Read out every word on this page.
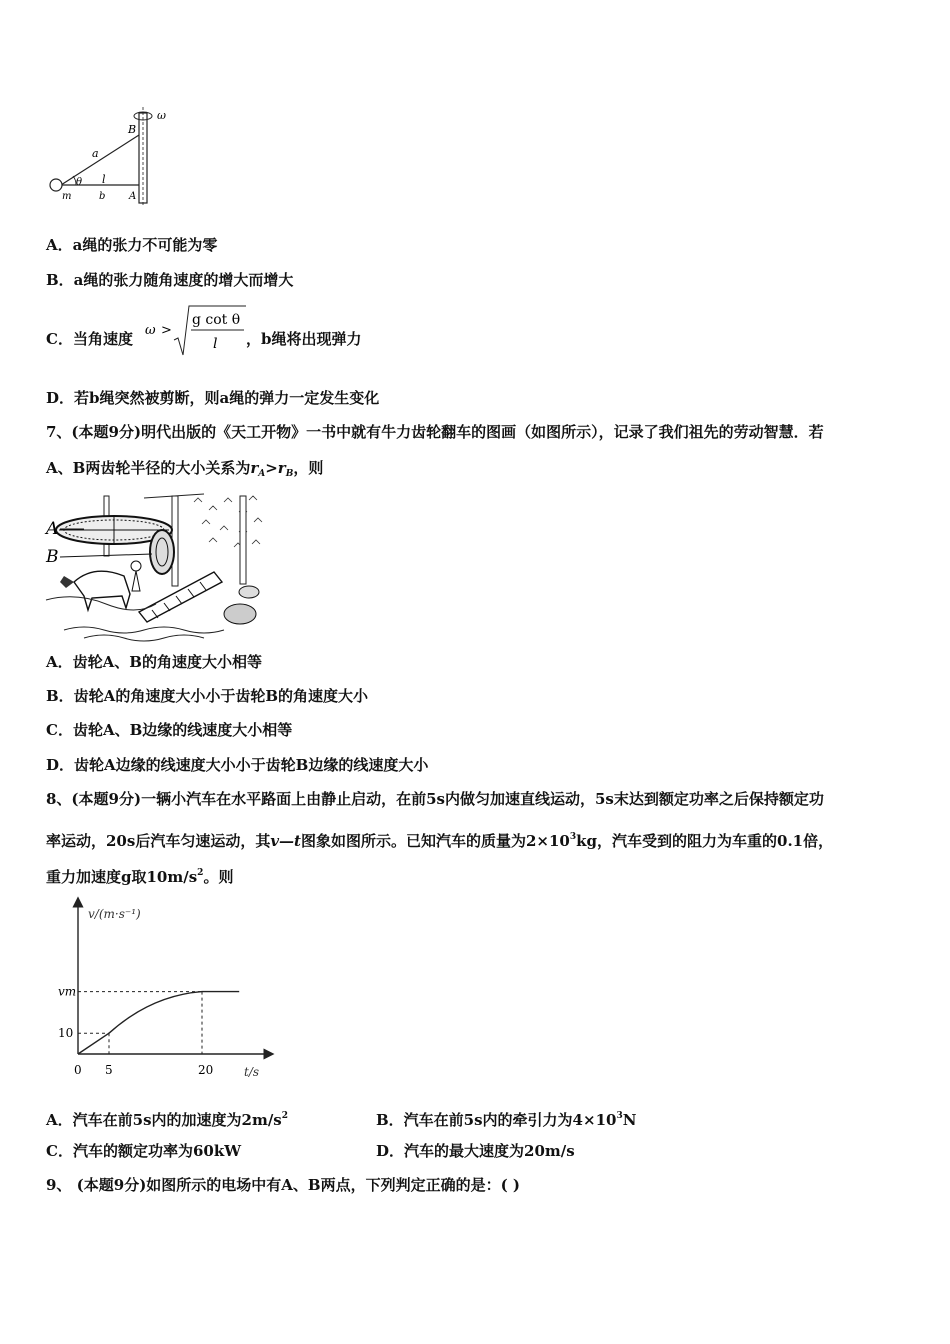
B
ω
a
θ l
m	b A
A．a绳的张力不可能为零
B．a绳的张力随角速度的增大而增大
C．当角速度 ω >
g cot θ
l ，b绳将出现弹力
D．若b绳突然被剪断，则a绳的弹力一定发生变化
7、(本题9分)明代出版的《天工开物》一书中就有牛力齿轮翻车的图画（如图所示），记录了我们祖先的劳动智慧．若
A、B两齿轮半径的大小关系为$r_A>r_B$，则
A
B
A．齿轮A、B的角速度大小相等
B．齿轮A的角速度大小小于齿轮B的角速度大小
C．齿轮A、B边缘的线速度大小相等
D．齿轮A边缘的线速度大小小于齿轮B边缘的线速度大小
8、(本题9分)一辆小汽车在水平路面上由静止启动，在前5s内做匀加速直线运动，5s末达到额定功率之后保持额定功
率运动，20s后汽车匀速运动，其v—t图象如图所示。已知汽车的质量为$2\times 10^3kg$，汽车受到的阻力为车重的0.1倍，
重力加速度g取$10m/s^2$。则
v/(m·s⁻¹)
t/s
0 5	20
10
vm
A．汽车在前5s内的加速度为$2m/s^2$	B．汽车在前5s内的牵引力为$4\times 10^3N$
C．汽车的额定功率为60kW	D．汽车的最大速度为20m/s
9、 (本题9分)如图所示的电场中有A、B两点，下列判定正确的是：( )
